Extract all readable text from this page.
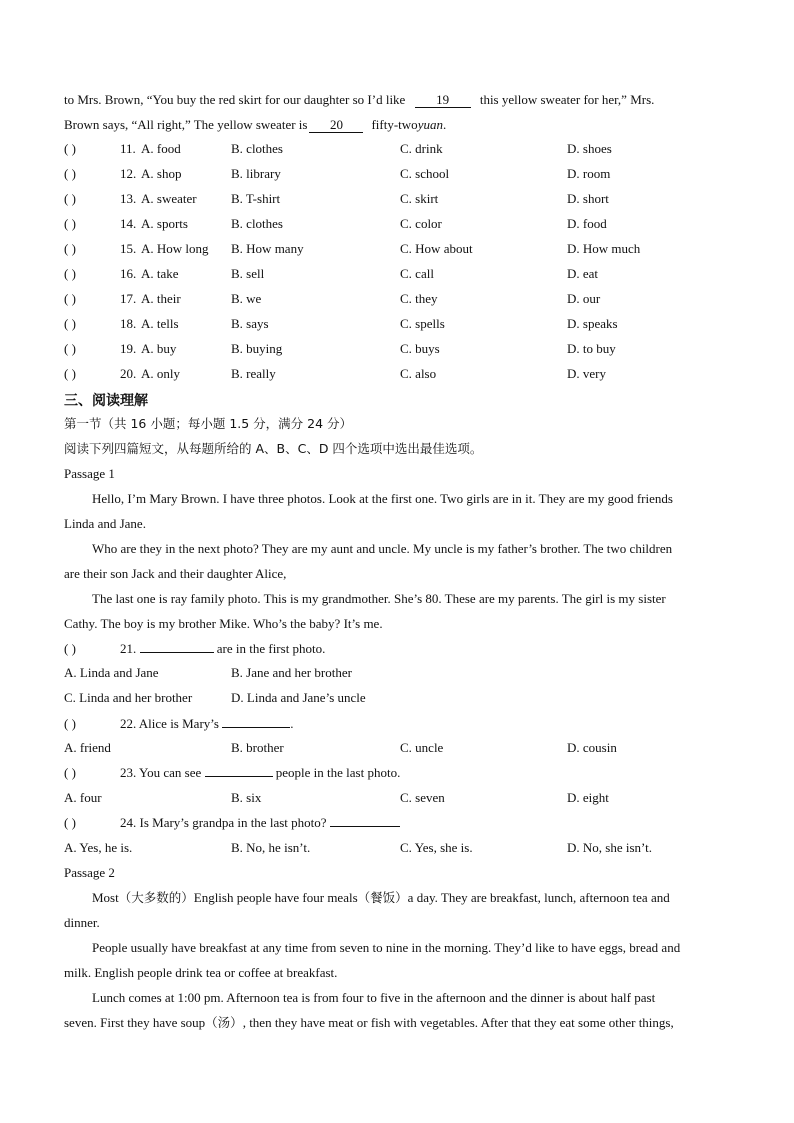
to Mrs. Brown, “You buy the red skirt for our daughter so I’d like 19 this yellow sweater for her,” Mrs.
Brown says, “All right,” The yellow sweater is 20 fifty-twoyuan.
( )	11. A. food	B. clothes	C. drink	D. shoes
( )	12. A. shop	B. library	C. school	D. room
( )	13. A. sweater	B. T-shirt	C. skirt	D. short
( )	14. A. sports	B. clothes	C. color	D. food
( )	15. A. How long B. How many	C. How about	D. How much
( )	16. A. take	B. sell	C. call	D. eat
( )	17. A. their	B. we	C. they	D. our
( )	18. A. tells	B. says	C. spells	D. speaks
( )	19. A. buy	B. buying	C. buys	D. to buy
( )	20. A. only	B. really	C. also	D. very
三、阅读理解
第一节（共 16 小题；每小题 1.5 分，满分 24 分）
阅读下列四篇短文，从每题所给的 A、B、C、D 四个选项中选出最佳选项。
Passage 1
Hello, I’m Mary Brown. I have three photos. Look at the first one. Two girls are in it. They are my good friends
Linda and Jane.
Who are they in the next photo? They are my aunt and uncle. My uncle is my father’s brother. The two children
are their son Jack and their daughter Alice,
The last one is ray family photo. This is my grandmother. She’s 80. These are my parents. The girl is my sister
Cathy. The boy is my brother Mike. Who’s the baby? It’s me.
( )	21.	are in the first photo.
A. Linda and Jane	B. Jane and her brother
C. Linda and her brother	D. Linda and Jane’s uncle
( )	22. Alice is Mary’s	.
A. friend	B. brother	C. uncle	D. cousin
( )	23. You can see	people in the last photo.
A. four	B. six	C. seven	D. eight
( )	24. Is Mary’s grandpa in the last photo?
A. Yes, he is.	B. No, he isn’t.	C. Yes, she is.	D. No, she isn’t.
Passage 2
Most（大多数的）English people have four meals（餐饭）a day. They are breakfast, lunch, afternoon tea and
dinner.
People usually have breakfast at any time from seven to nine in the morning. They’d like to have eggs, bread and
milk. English people drink tea or coffee at breakfast.
Lunch comes at 1:00 pm. Afternoon tea is from four to five in the afternoon and the dinner is about half past
seven. First they have soup（汤）, then they have meat or fish with vegetables. After that they eat some other things,
